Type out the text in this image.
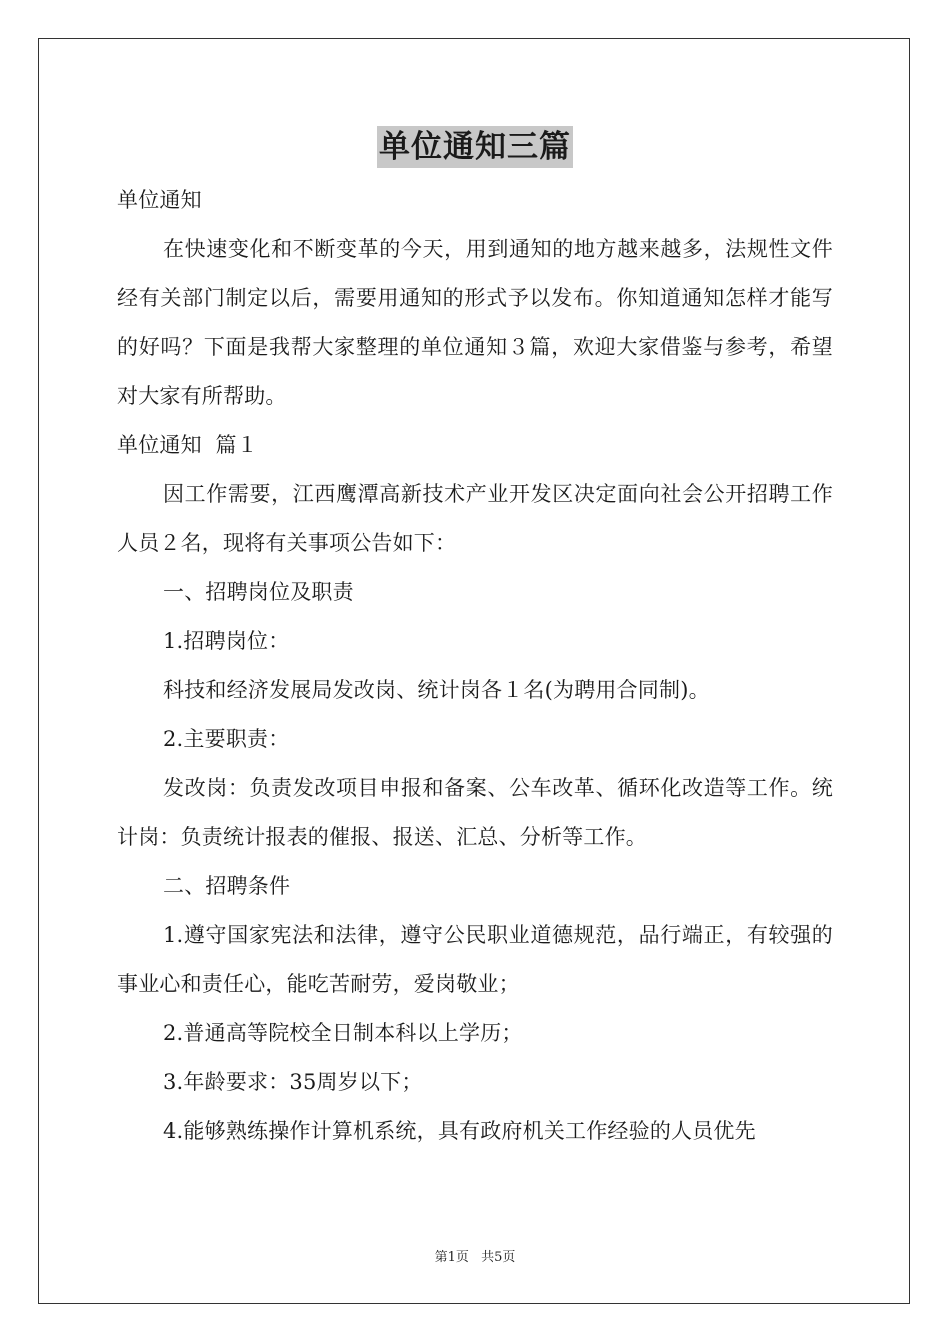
单位通知三篇

单位通知

在快速变化和不断变革的今天，用到通知的地方越来越多，法规性文件经有关部门制定以后，需要用通知的形式予以发布。你知道通知怎样才能写的好吗？下面是我帮大家整理的单位通知３篇，欢迎大家借鉴与参考，希望对大家有所帮助。

单位通知  篇１

因工作需要，江西鹰潭高新技术产业开发区决定面向社会公开招聘工作人员２名，现将有关事项公告如下：

一、招聘岗位及职责

1.招聘岗位：

科技和经济发展局发改岗、统计岗各１名(为聘用合同制)。

2.主要职责：

发改岗：负责发改项目申报和备案、公车改革、循环化改造等工作。统计岗：负责统计报表的催报、报送、汇总、分析等工作。

二、招聘条件

1.遵守国家宪法和法律，遵守公民职业道德规范，品行端正，有较强的事业心和责任心，能吃苦耐劳，爱岗敬业；

2.普通高等院校全日制本科以上学历；

3.年龄要求：35周岁以下；

4.能够熟练操作计算机系统，具有政府机关工作经验的人员优先

第1页 共5页
